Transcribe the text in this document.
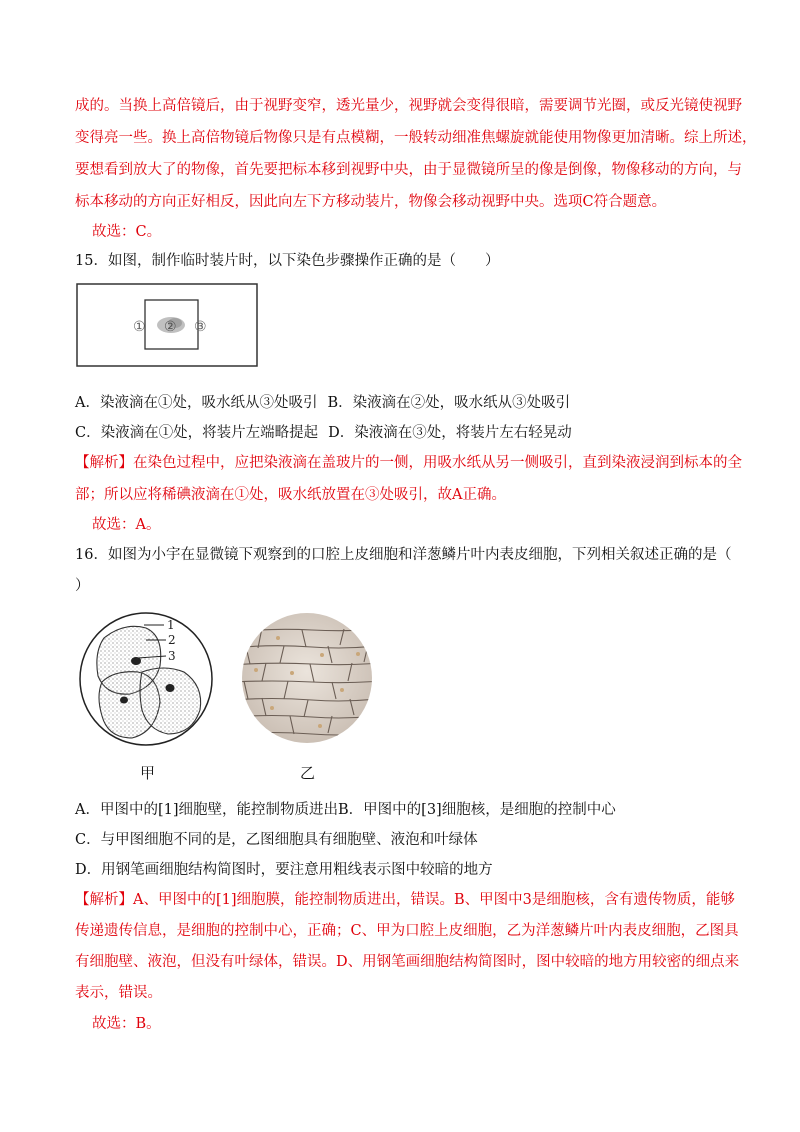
成的。当换上高倍镜后，由于视野变窄，透光量少，视野就会变得很暗，需要调节光圈，或反光镜使视野
变得亮一些。换上高倍物镜后物像只是有点模糊，一般转动细准焦螺旋就能使用物像更加清晰。综上所述，
要想看到放大了的物像，首先要把标本移到视野中央，由于显微镜所呈的像是倒像，物像移动的方向，与
标本移动的方向正好相反，因此向左下方移动装片，物像会移动视野中央。选项C符合题意。
故选：C。
15．如图，制作临时装片时，以下染色步骤操作正确的是（　　）
① ② ③
A．染液滴在①处，吸水纸从③处吸引 B．染液滴在②处，吸水纸从③处吸引
C．染液滴在①处，将装片左端略提起 D．染液滴在③处，将装片左右轻晃动
【解析】在染色过程中，应把染液滴在盖玻片的一侧，用吸水纸从另一侧吸引，直到染液浸润到标本的全
部；所以应将稀碘液滴在①处，吸水纸放置在③处吸引，故A正确。
故选：A。
16．如图为小宇在显微镜下观察到的口腔上皮细胞和洋葱鳞片叶内表皮细胞，下列相关叙述正确的是（
）
1
2
3
甲	乙
A．甲图中的[1]细胞壁，能控制物质进出B．甲图中的[3]细胞核，是细胞的控制中心
C．与甲图细胞不同的是，乙图细胞具有细胞壁、液泡和叶绿体
D．用钢笔画细胞结构简图时，要注意用粗线表示图中较暗的地方
【解析】A、甲图中的[1]细胞膜，能控制物质进出，错误。B、甲图中3是细胞核，含有遗传物质，能够
传递遗传信息，是细胞的控制中心，正确；C、甲为口腔上皮细胞，乙为洋葱鳞片叶内表皮细胞，乙图具
有细胞壁、液泡，但没有叶绿体，错误。D、用钢笔画细胞结构简图时，图中较暗的地方用较密的细点来
表示，错误。
故选：B。
